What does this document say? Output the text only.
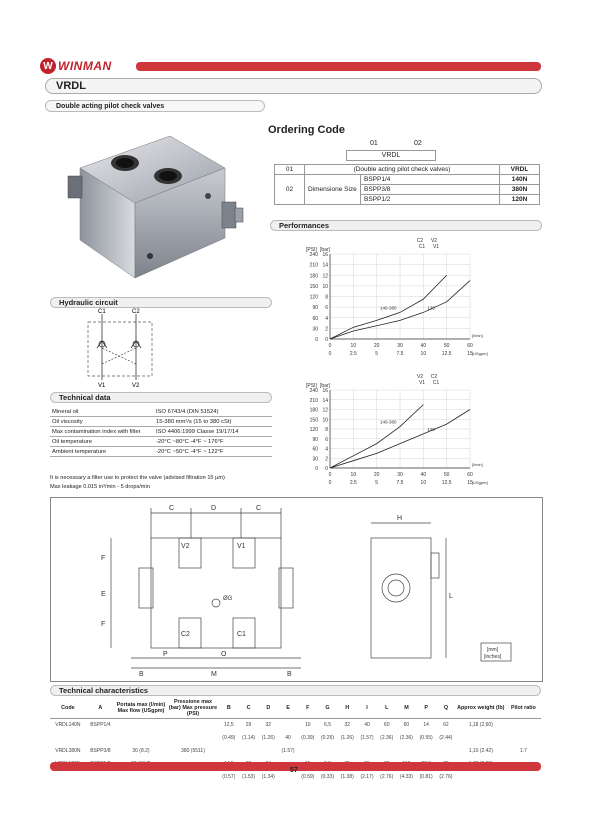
W WINMAN
VRDL
Double acting pilot check valves
Ordering Code
01	02
VRDL
01	(Double acting pilot check valves)		VRDL
02	Dimensione Size	BSPP1/4	140N
		BSPP3/8	380N
		BSPP1/2	120N
Performances
16
14
12
10
8
6
4
2
0
240
210
180
150
120
90
60
30
0
0	10	20	30	40	50	60
0	2.5	5	7.5	10	12.5	15
[PSI] [bar]
[l/min]
[USgpm]
C2 V2
C1 V1
140-380	120
16
14
12
10
8
6
4
2
0
240
210
180
150
120
90
60
30
0
0	10	20	30	40	50	60
0	2.5	5	7.5	10	12.5	15
[PSI] [bar]
[l/min]
[USgpm]
V2 C2
V1 C1
140-380
120
Hydraulic circuit
C1	C2
V1	V2
Technical data
Mineral oil	ISO 6743/4 (DIN 51524)
Oil viscosity	15-380 mm²/s (15 to 380 cSt)
Max contamination index with filter	ISO 4406:1999 Classe 19/17/14
Oil temperature	-20°C ~80°C -4°F ~ 176°F
Ambient temperature	-20°C ~50°C -4°F ~ 122°F
It is necessary a filter use to protect the valve (advised filtration 15 µm)
Max leakage 0.015 in³/min - 5 drops/min
C	D	C
H
L
E
F
F
B	M	B
O
P
V2	V1
C2	C1
ØG
[mm]
[inches]
Technical characteristics
Code	A	Portata max (l/min) Max flow (USgpm)	Pressione max (bar) Max pressure (PSI)	B	C	D	E	F	G	H	I	L	M	P	Q	Approx weight (lb)	Pilot ratio
VRDL140N	BSPP1/4			12,5	29	32		10	6,5	32	40	60	60	14	62	1,18 (2,60)	
				(0.49)	(1.14)	(1.26)	40	(0.39)	(0.26)	(1.26)	(1.57)	(2.36)	(2.36)	(0.55)	(2.44)		
VRDL380N	BSPP3/8	30 (8.2)	380 (5511)				(1.57)									1,10 (2.42)	1:7

				(0.57)	(1.53)	(1.34)		(0.59)	(0.33)	(1.38)	(2.17)	(2.76)	(4.33)	(0.81)	(2.76)		
57
